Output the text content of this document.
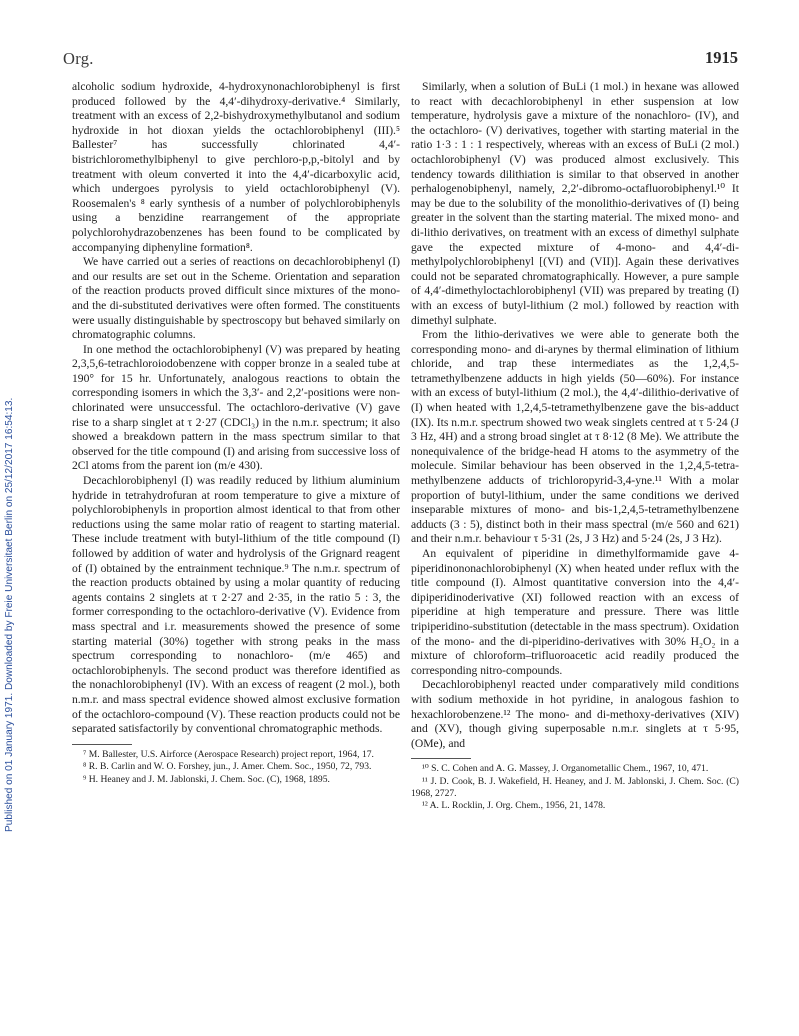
Published on 01 January 1971. Downloaded by Freie Universitaet Berlin on 25/12/2017 16:54:13.
Org.	1915

alcoholic sodium hydroxide, 4-hydroxynonachlorobiphenyl is first produced followed by the 4,4′-dihydroxy-derivative.⁴ Similarly, treatment with an excess of 2,2-bishydroxymethylbutanol and sodium hydroxide in hot dioxan yields the octachlorobiphenyl (III).⁵ Ballester⁷ has successfully chlorinated 4,4′-bistrichloromethylbiphenyl to give perchloro-p,p,-bitolyl and by treatment with oleum converted it into the 4,4′-dicarboxylic acid, which undergoes pyrolysis to yield octachlorobiphenyl (V). Roosemalen's ⁸ early synthesis of a number of polychlorobiphenyls using a benzidine rearrangement of the appropriate polychlorohydrazobenzenes has been found to be complicated by accompanying diphenyline formation⁸.

We have carried out a series of reactions on decachlorobiphenyl (I) and our results are set out in the Scheme. Orientation and separation of the reaction products proved difficult since mixtures of the mono- and the di-substituted derivatives were often formed. The constituents were usually distinguishable by spectroscopy but behaved similarly on chromatographic columns.

In one method the octachlorobiphenyl (V) was prepared by heating 2,3,5,6-tetrachloroiodobenzene with copper bronze in a sealed tube at 190° for 15 hr. Unfortunately, analogous reactions to obtain the corresponding isomers in which the 3,3′- and 2,2′-positions were non-chlorinated were unsuccessful. The octachloro-derivative (V) gave rise to a sharp singlet at τ 2·27 (CDCl₃) in the n.m.r. spectrum; it also showed a breakdown pattern in the mass spectrum similar to that observed for the title compound (I) and arising from successive loss of 2Cl atoms from the parent ion (m/e 430).

Decachlorobiphenyl (I) was readily reduced by lithium aluminium hydride in tetrahydrofuran at room temperature to give a mixture of polychlorobiphenyls in proportion almost identical to that from other reductions using the same molar ratio of reagent to starting material. These include treatment with butyl-lithium of the title compound (I) followed by addition of water and hydrolysis of the Grignard reagent of (I) obtained by the entrainment technique.⁹ The n.m.r. spectrum of the reaction products obtained by using a molar quantity of reducing agents contains 2 singlets at τ 2·27 and 2·35, in the ratio 5 : 3, the former corresponding to the octachloro-derivative (V). Evidence from mass spectral and i.r. measurements showed the presence of some starting material (30%) together with strong peaks in the mass spectrum corresponding to nonachloro- (m/e 465) and octachlorobiphenyls. The second product was therefore identified as the nonachlorobiphenyl (IV). With an excess of reagent (2 mol.), both n.m.r. and mass spectral evidence showed almost exclusive formation of the octachloro-compound (V). These reaction products could not be separated satisfactorily by conventional chromatographic methods.

⁷ M. Ballester, U.S. Airforce (Aerospace Research) project report, 1964, 17.

⁸ R. B. Carlin and W. O. Forshey, jun., J. Amer. Chem. Soc., 1950, 72, 793.

⁹ H. Heaney and J. M. Jablonski, J. Chem. Soc. (C), 1968, 1895.

Similarly, when a solution of BuLi (1 mol.) in hexane was allowed to react with decachlorobiphenyl in ether suspension at low temperature, hydrolysis gave a mixture of the nonachloro- (IV), and the octachloro- (V) derivatives, together with starting material in the ratio 1·3 : 1 : 1 respectively, whereas with an excess of BuLi (2 mol.) octachlorobiphenyl (V) was produced almost exclusively. This tendency towards dilithiation is similar to that observed in another perhalogenobiphenyl, namely, 2,2′-dibromo-octafluorobiphenyl.¹⁰ It may be due to the solubility of the monolithio-derivatives of (I) being greater in the solvent than the starting material. The mixed mono- and di-lithio derivatives, on treatment with an excess of dimethyl sulphate gave the expected mixture of 4-mono- and 4,4′-di-methylpolychlorobiphenyl [(VI) and (VII)]. Again these derivatives could not be separated chromatographically. However, a pure sample of 4,4′-dimethyloctachlorobiphenyl (VII) was prepared by treating (I) with an excess of butyl-lithium (2 mol.) followed by reaction with dimethyl sulphate.

From the lithio-derivatives we were able to generate both the corresponding mono- and di-arynes by thermal elimination of lithium chloride, and trap these intermediates as the 1,2,4,5-tetramethylbenzene adducts in high yields (50—60%). For instance with an excess of butyl-lithium (2 mol.), the 4,4′-dilithio-derivative of (I) when heated with 1,2,4,5-tetramethylbenzene gave the bis-adduct (IX). Its n.m.r. spectrum showed two weak singlets centred at τ 5·24 (J 3 Hz, 4H) and a strong broad singlet at τ 8·12 (8 Me). We attribute the nonequivalence of the bridge-head H atoms to the asymmetry of the molecule. Similar behaviour has been observed in the 1,2,4,5-tetra-methylbenzene adducts of trichloropyrid-3,4-yne.¹¹ With a molar proportion of butyl-lithium, under the same conditions we derived inseparable mixtures of mono- and bis-1,2,4,5-tetramethylbenzene adducts (3 : 5), distinct both in their mass spectral (m/e 560 and 621) and their n.m.r. behaviour τ 5·31 (2s, J 3 Hz) and 5·24 (2s, J 3 Hz).

An equivalent of piperidine in dimethylformamide gave 4-piperidinononachlorobiphenyl (X) when heated under reflux with the title compound (I). Almost quantitative conversion into the 4,4′-dipiperidinoderivative (XI) followed reaction with an excess of piperidine at high temperature and pressure. There was little tripiperidino-substitution (detectable in the mass spectrum). Oxidation of the mono- and the di-piperidino-derivatives with 30% H₂O₂ in a mixture of chloroform–trifluoroacetic acid readily produced the corresponding nitro-compounds.

Decachlorobiphenyl reacted under comparatively mild conditions with sodium methoxide in hot pyridine, in analogous fashion to hexachlorobenzene.¹² The mono- and di-methoxy-derivatives (XIV) and (XV), though giving superposable n.m.r. singlets at τ 5·95, (OMe), and

¹⁰ S. C. Cohen and A. G. Massey, J. Organometallic Chem., 1967, 10, 471.

¹¹ J. D. Cook, B. J. Wakefield, H. Heaney, and J. M. Jablonski, J. Chem. Soc. (C) 1968, 2727.

¹² A. L. Rocklin, J. Org. Chem., 1956, 21, 1478.
